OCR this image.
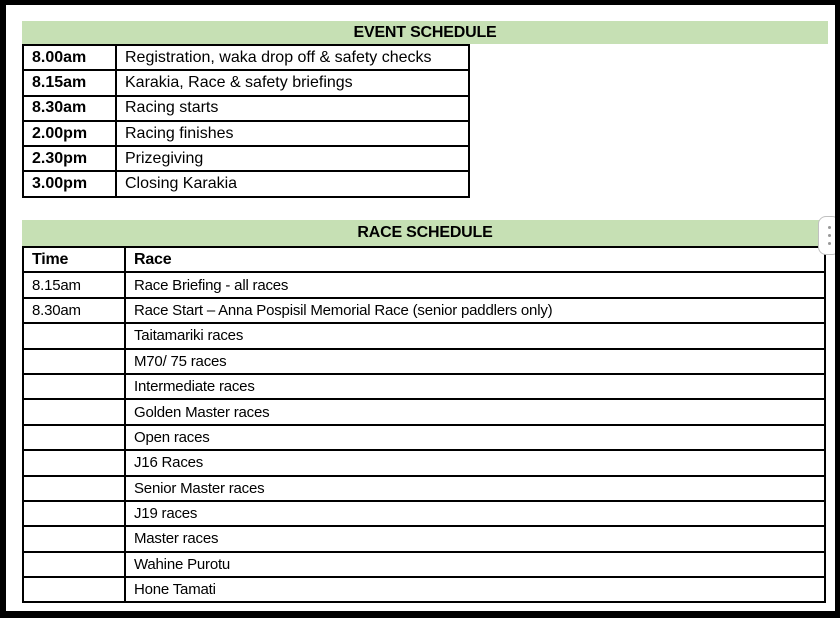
EVENT SCHEDULE
8.00am	Registration, waka drop off & safety checks
8.15am	Karakia, Race & safety briefings
8.30am	Racing starts
2.00pm	Racing finishes
2.30pm	Prizegiving
3.00pm	Closing Karakia
RACE SCHEDULE
Time	Race
8.15am	Race Briefing - all races
8.30am	Race Start – Anna Pospisil Memorial Race (senior paddlers only)
	Taitamariki races
	M70/ 75 races
	Intermediate races
	Golden Master races
	Open races
	J16 Races
	Senior Master races
	J19 races
	Master races
	Wahine Purotu
	Hone Tamati
